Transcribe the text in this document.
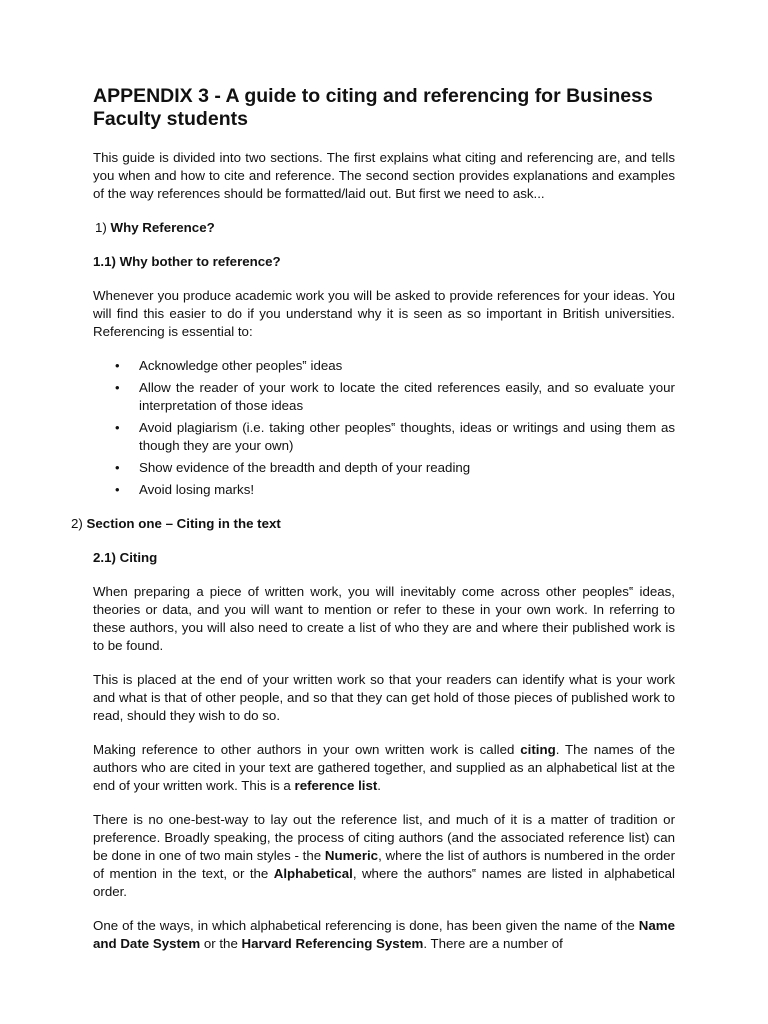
APPENDIX 3 - A guide to citing and referencing for Business Faculty students

This guide is divided into two sections. The first explains what citing and referencing are, and tells you when and how to cite and reference. The second section provides explanations and examples of the way references should be formatted/laid out. But first we need to ask...

1) Why Reference?
1.1) Why bother to reference?

Whenever you produce academic work you will be asked to provide references for your ideas. You will find this easier to do if you understand why it is seen as so important in British universities. Referencing is essential to:

• Acknowledge other peoples‟ ideas
• Allow the reader of your work to locate the cited references easily, and so evaluate your interpretation of those ideas
• Avoid plagiarism (i.e. taking other peoples‟ thoughts, ideas or writings and using them as though they are your own)
• Show evidence of the breadth and depth of your reading
• Avoid losing marks!
2) Section one – Citing in the text
2.1) Citing

When preparing a piece of written work, you will inevitably come across other peoples‟ ideas, theories or data, and you will want to mention or refer to these in your own work. In referring to these authors, you will also need to create a list of who they are and where their published work is to be found.

This is placed at the end of your written work so that your readers can identify what is your work and what is that of other people, and so that they can get hold of those pieces of published work to read, should they wish to do so.

Making reference to other authors in your own written work is called citing. The names of the authors who are cited in your text are gathered together, and supplied as an alphabetical list at the end of your written work. This is a reference list.

There is no one-best-way to lay out the reference list, and much of it is a matter of tradition or preference. Broadly speaking, the process of citing authors (and the associated reference list) can be done in one of two main styles - the Numeric, where the list of authors is numbered in the order of mention in the text, or the Alphabetical, where the authors‟ names are listed in alphabetical order.

One of the ways, in which alphabetical referencing is done, has been given the name of the Name and Date System or the Harvard Referencing System. There are a number of
